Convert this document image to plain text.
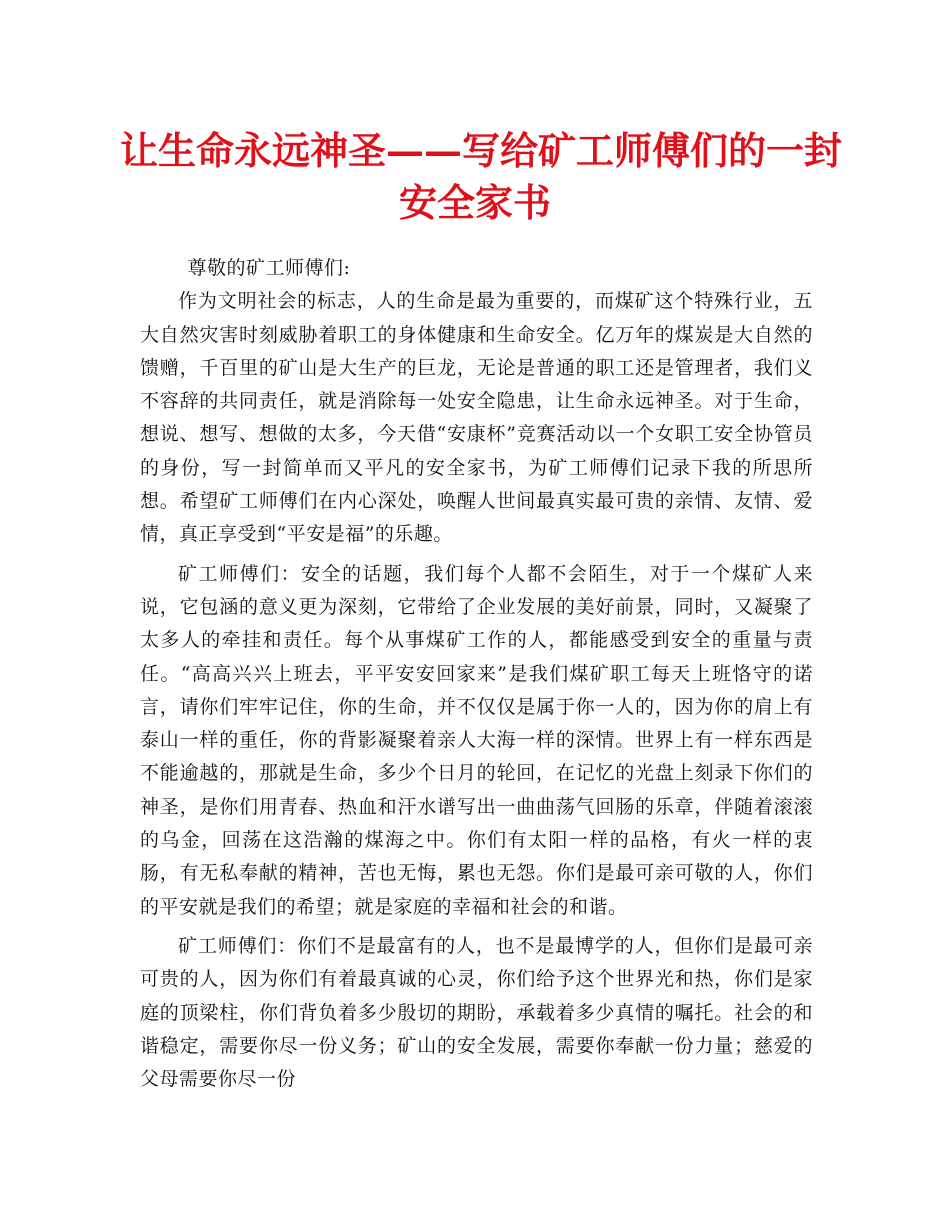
让生命永远神圣——写给矿工师傅们的一封
安全家书

尊敬的矿工师傅们:

作为文明社会的标志，人的生命是最为重要的，而煤矿这个特殊行业，五大自然灾害时刻威胁着职工的身体健康和生命安全。亿万年的煤炭是大自然的馈赠，千百里的矿山是大生产的巨龙，无论是普通的职工还是管理者，我们义不容辞的共同责任，就是消除每一处安全隐患，让生命永远神圣。对于生命，想说、想写、想做的太多，今天借“安康杯”竞赛活动以一个女职工安全协管员的身份，写一封简单而又平凡的安全家书，为矿工师傅们记录下我的所思所想。希望矿工师傅们在内心深处，唤醒人世间最真实最可贵的亲情、友情、爱情，真正享受到“平安是福”的乐趣。

矿工师傅们：安全的话题，我们每个人都不会陌生，对于一个煤矿人来说，它包涵的意义更为深刻，它带给了企业发展的美好前景，同时，又凝聚了太多人的牵挂和责任。每个从事煤矿工作的人，都能感受到安全的重量与责任。“高高兴兴上班去，平平安安回家来”是我们煤矿职工每天上班恪守的诺言，请你们牢牢记住，你的生命，并不仅仅是属于你一人的，因为你的肩上有泰山一样的重任，你的背影凝聚着亲人大海一样的深情。世界上有一样东西是不能逾越的，那就是生命，多少个日月的轮回，在记忆的光盘上刻录下你们的神圣，是你们用青春、热血和汗水谱写出一曲曲荡气回肠的乐章，伴随着滚滚的乌金，回荡在这浩瀚的煤海之中。你们有太阳一样的品格，有火一样的衷肠，有无私奉献的精神，苦也无悔，累也无怨。你们是最可亲可敬的人，你们的平安就是我们的希望；就是家庭的幸福和社会的和谐。

矿工师傅们：你们不是最富有的人，也不是最博学的人，但你们是最可亲可贵的人，因为你们有着最真诚的心灵，你们给予这个世界光和热，你们是家庭的顶梁柱，你们背负着多少殷切的期盼，承载着多少真情的嘱托。社会的和谐稳定，需要你尽一份义务；矿山的安全发展，需要你奉献一份力量；慈爱的父母需要你尽一份
